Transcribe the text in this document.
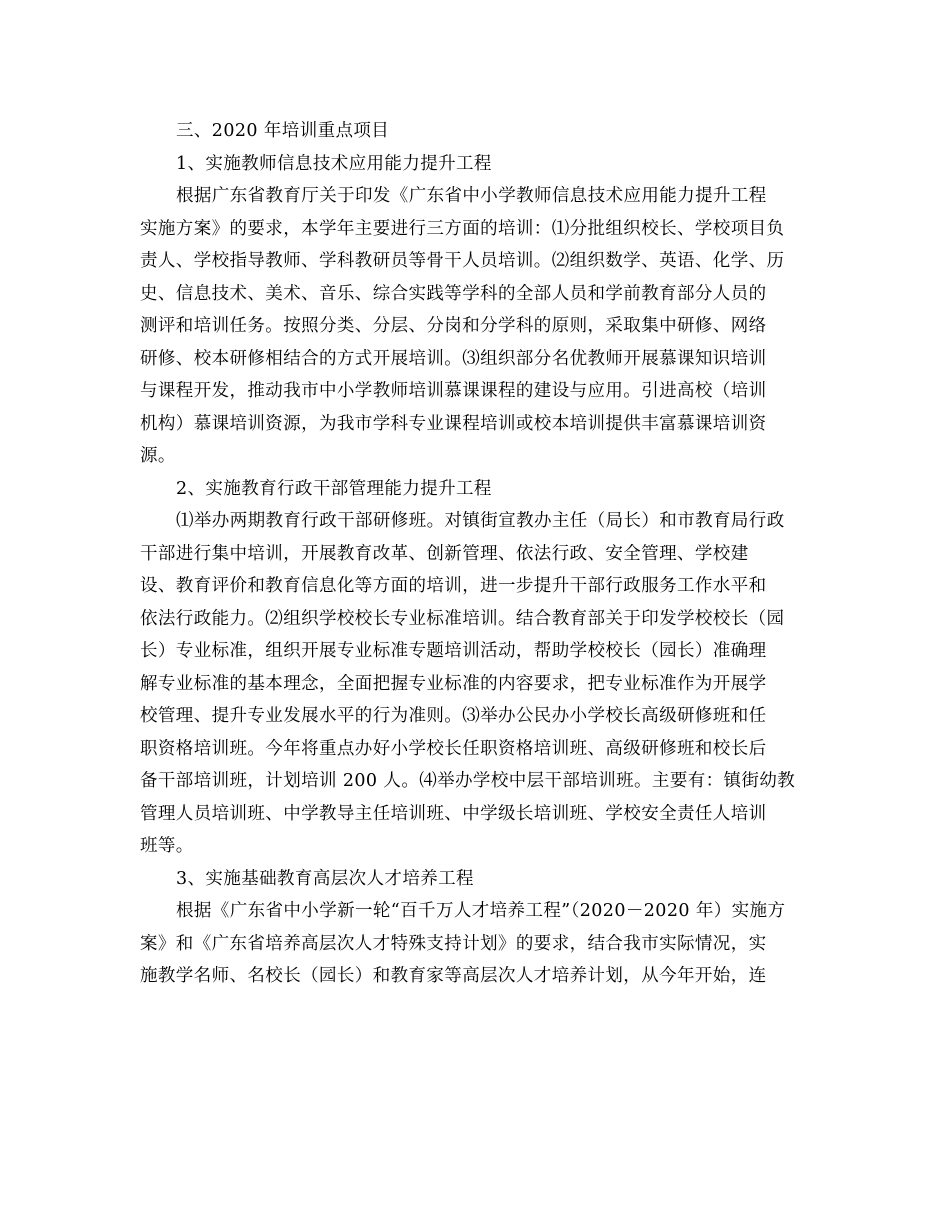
三、2020 年培训重点项目
1、实施教师信息技术应用能力提升工程
根据广东省教育厅关于印发《广东省中小学教师信息技术应用能力提升工程
实施方案》的要求，本学年主要进行三方面的培训：⑴分批组织校长、学校项目负
责人、学校指导教师、学科教研员等骨干人员培训。⑵组织数学、英语、化学、历
史、信息技术、美术、音乐、综合实践等学科的全部人员和学前教育部分人员的
测评和培训任务。按照分类、分层、分岗和分学科的原则，采取集中研修、网络
研修、校本研修相结合的方式开展培训。⑶组织部分名优教师开展慕课知识培训
与课程开发，推动我市中小学教师培训慕课课程的建设与应用。引进高校（培训
机构）慕课培训资源，为我市学科专业课程培训或校本培训提供丰富慕课培训资
源。
2、实施教育行政干部管理能力提升工程
⑴举办两期教育行政干部研修班。对镇街宣教办主任（局长）和市教育局行政
干部进行集中培训，开展教育改革、创新管理、依法行政、安全管理、学校建
设、教育评价和教育信息化等方面的培训，进一步提升干部行政服务工作水平和
依法行政能力。⑵组织学校校长专业标准培训。结合教育部关于印发学校校长（园
长）专业标准，组织开展专业标准专题培训活动，帮助学校校长（园长）准确理
解专业标准的基本理念，全面把握专业标准的内容要求，把专业标准作为开展学
校管理、提升专业发展水平的行为准则。⑶举办公民办小学校长高级研修班和任
职资格培训班。今年将重点办好小学校长任职资格培训班、高级研修班和校长后
备干部培训班，计划培训 200 人。⑷举办学校中层干部培训班。主要有：镇街幼教
管理人员培训班、中学教导主任培训班、中学级长培训班、学校安全责任人培训
班等。
3、实施基础教育高层次人才培养工程
根据《广东省中小学新一轮“百千万人才培养工程”（2020－2020 年）实施方
案》和《广东省培养高层次人才特殊支持计划》的要求，结合我市实际情况，实
施教学名师、名校长（园长）和教育家等高层次人才培养计划，从今年开始，连
